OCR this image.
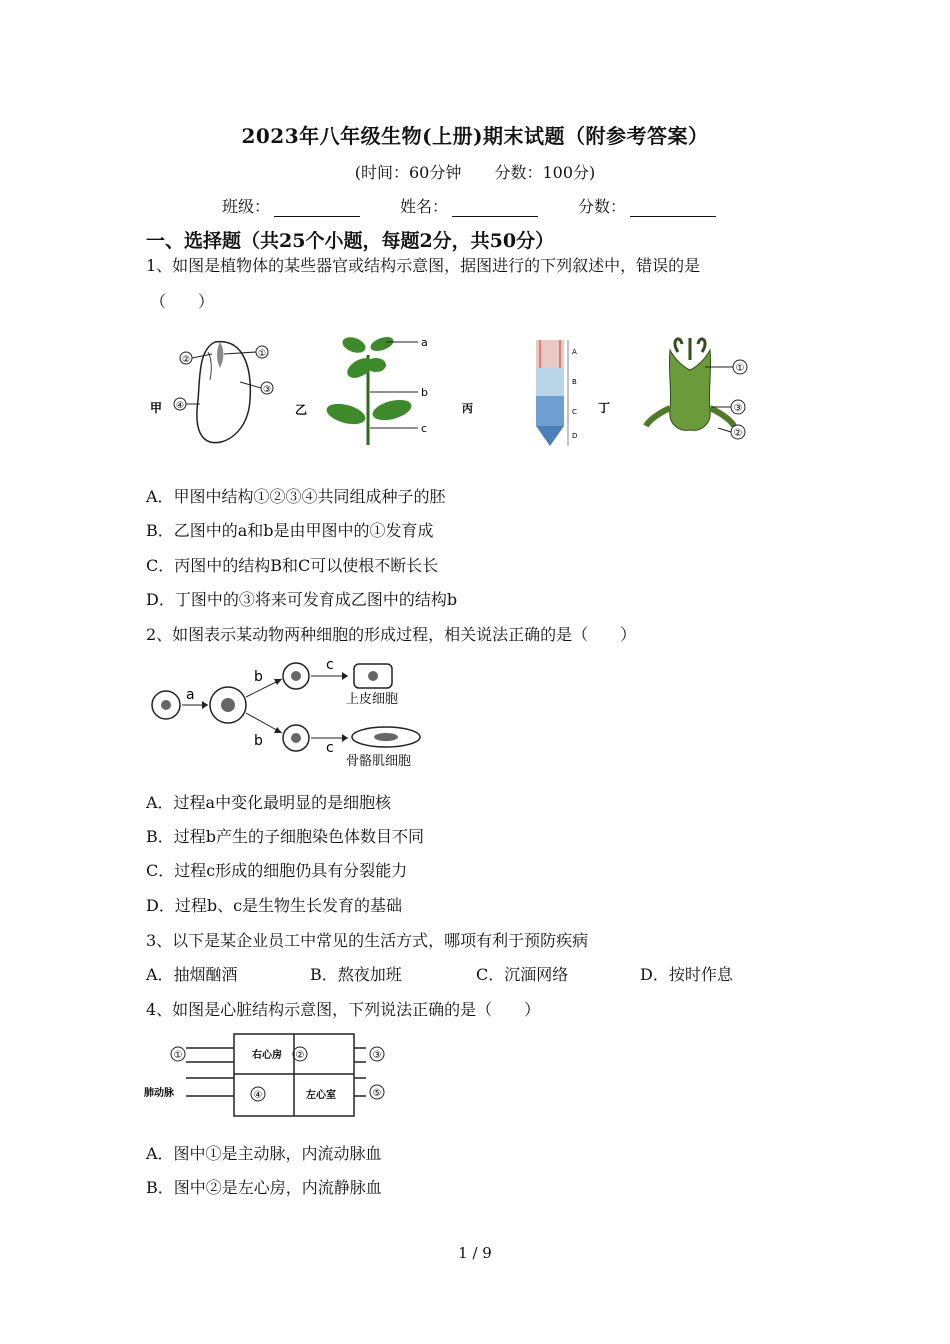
2023年八年级生物(上册)期末试题（附参考答案）
(时间：60分钟 分数：100分)
班级：	姓名：	分数：
一、选择题（共25个小题，每题2分，共50分）
1、如图是植物体的某些器官或结构示意图，据图进行的下列叙述中，错误的是
（　　）
甲
②
①
③
④	乙
a
b
c
丙
A
B
C
D
丁
①
③
②
A．甲图中结构①②③④共同组成种子的胚
B．乙图中的a和b是由甲图中的①发育成
C．丙图中的结构B和C可以使根不断长长
D．丁图中的③将来可发育成乙图中的结构b
2、如图表示某动物两种细胞的形成过程，相关说法正确的是（　　）
a
b
b
c
上皮细胞
c
骨骼肌细胞
A．过程a中变化最明显的是细胞核
B．过程b产生的子细胞染色体数目不同
C．过程c形成的细胞仍具有分裂能力
D．过程b、c是生物生长发育的基础
3、以下是某企业员工中常见的生活方式，哪项有利于预防疾病
A．抽烟酗酒	B．熬夜加班	C．沉湎网络	D．按时作息
4、如图是心脏结构示意图，下列说法正确的是（　　）
右心房
左心室
②
④
①
肺动脉
③
⑤
A．图中①是主动脉，内流动脉血
B．图中②是左心房，内流静脉血
1 / 9
